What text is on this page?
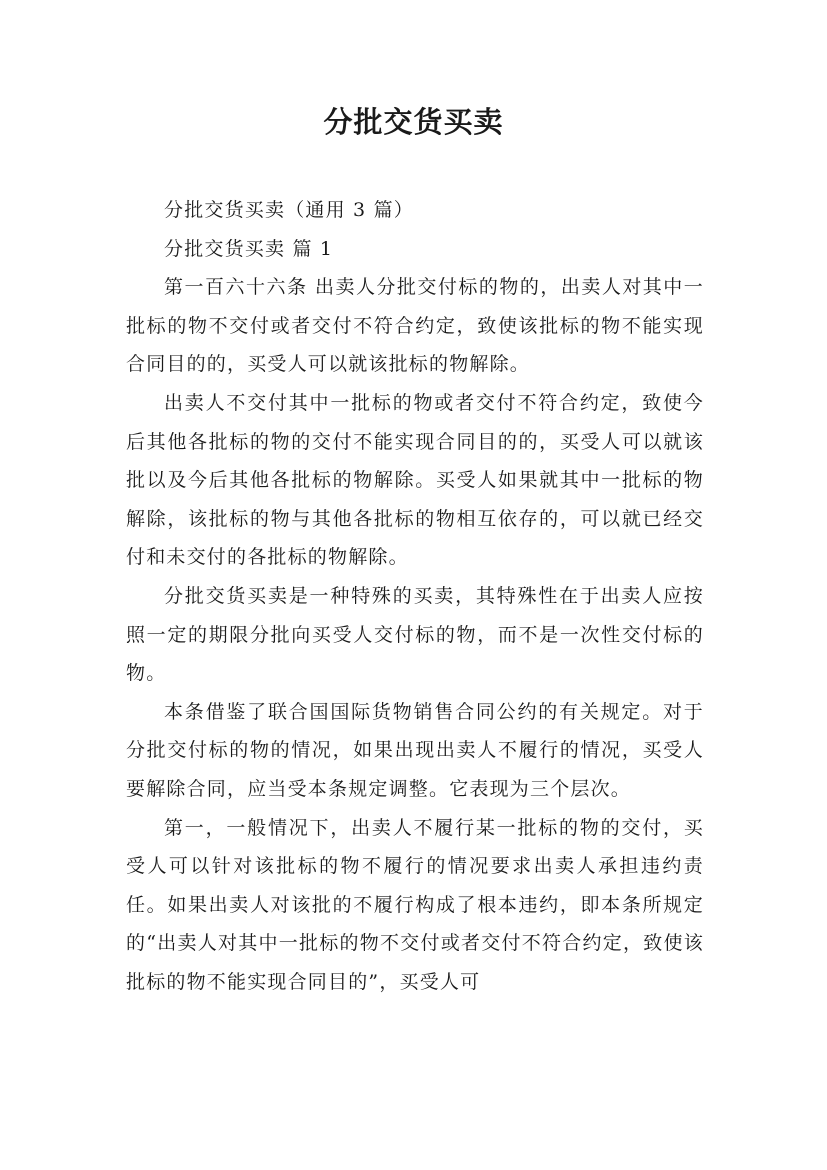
分批交货买卖

分批交货买卖（通用 3 篇）

分批交货买卖 篇 1

第一百六十六条 出卖人分批交付标的物的，出卖人对其中一批标的物不交付或者交付不符合约定，致使该批标的物不能实现合同目的的，买受人可以就该批标的物解除。

出卖人不交付其中一批标的物或者交付不符合约定，致使今后其他各批标的物的交付不能实现合同目的的，买受人可以就该批以及今后其他各批标的物解除。买受人如果就其中一批标的物解除，该批标的物与其他各批标的物相互依存的，可以就已经交付和未交付的各批标的物解除。

分批交货买卖是一种特殊的买卖，其特殊性在于出卖人应按照一定的期限分批向买受人交付标的物，而不是一次性交付标的物。

本条借鉴了联合国国际货物销售合同公约的有关规定。对于分批交付标的物的情况，如果出现出卖人不履行的情况，买受人要解除合同，应当受本条规定调整。它表现为三个层次。

第一，一般情况下，出卖人不履行某一批标的物的交付，买受人可以针对该批标的物不履行的情况要求出卖人承担违约责任。如果出卖人对该批的不履行构成了根本违约，即本条所规定的“出卖人对其中一批标的物不交付或者交付不符合约定，致使该批标的物不能实现合同目的”，买受人可
